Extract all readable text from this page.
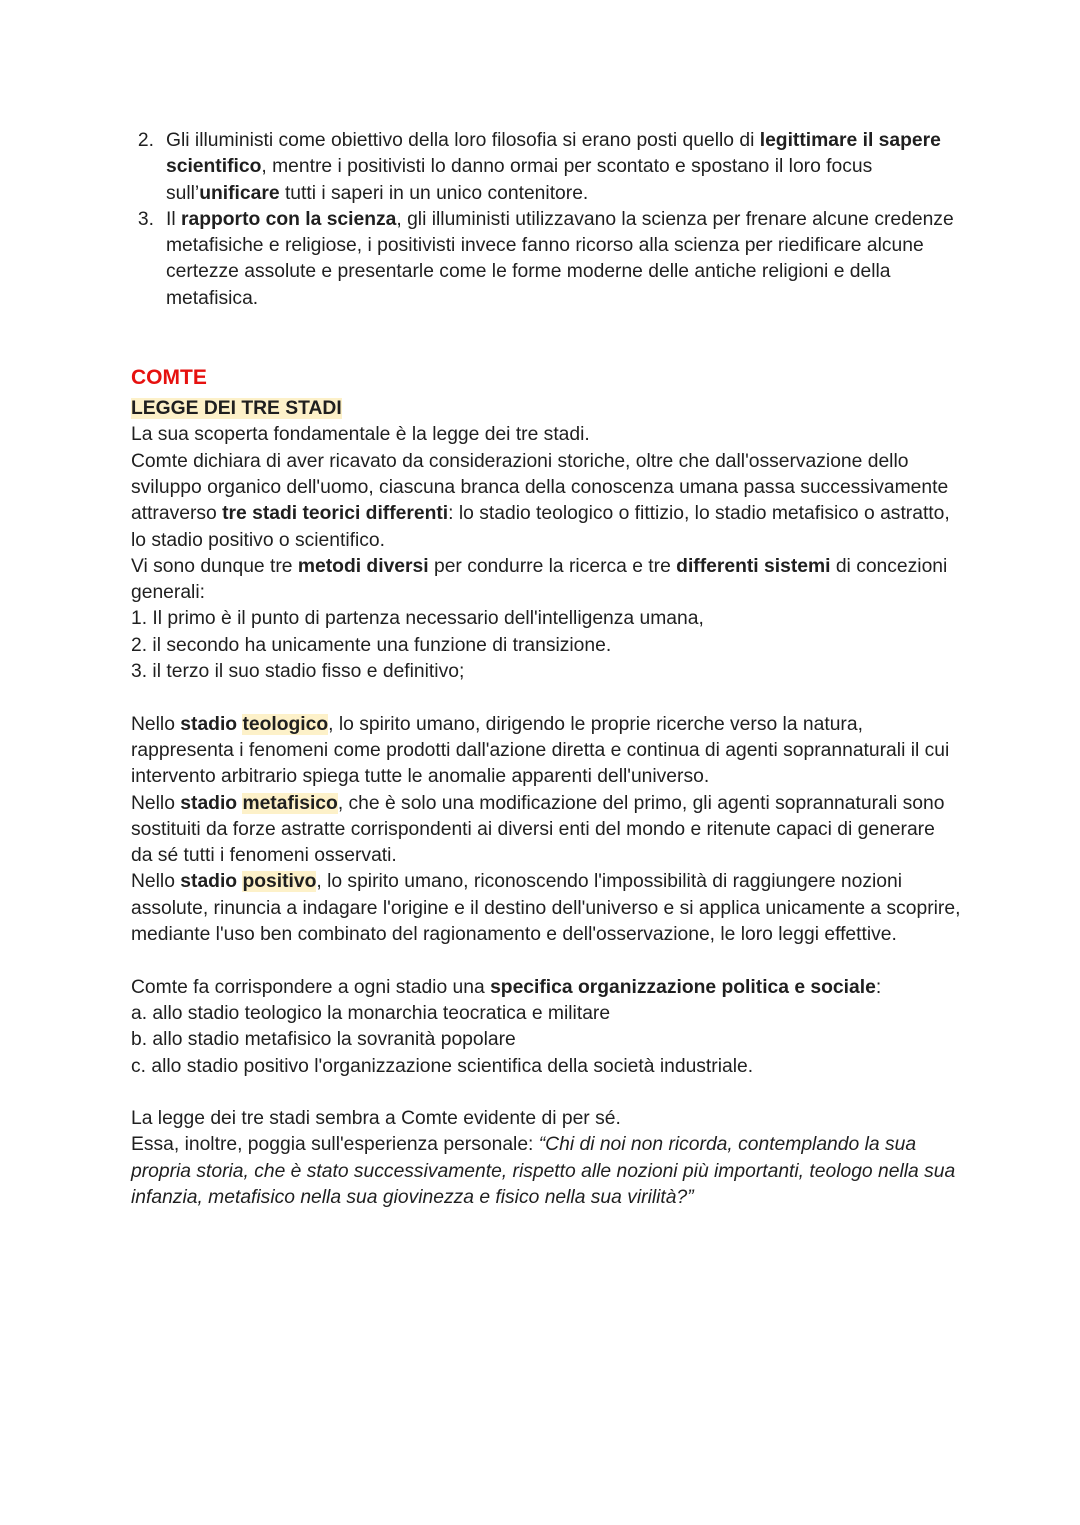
2. Gli illuministi come obiettivo della loro filosofia si erano posti quello di legittimare il sapere scientifico, mentre i positivisti lo danno ormai per scontato e spostano il loro focus sull’unificare tutti i saperi in un unico contenitore.
3. Il rapporto con la scienza, gli illuministi utilizzavano la scienza per frenare alcune credenze metafisiche e religiose, i positivisti invece fanno ricorso alla scienza per riedificare alcune certezze assolute e presentarle come le forme moderne delle antiche religioni e della metafisica.
COMTE
LEGGE DEI TRE STADI

La sua scoperta fondamentale è la legge dei tre stadi.

Comte dichiara di aver ricavato da considerazioni storiche, oltre che dall'osservazione dello sviluppo organico dell'uomo, ciascuna branca della conoscenza umana passa successivamente attraverso tre stadi teorici differenti: lo stadio teologico o fittizio, lo stadio metafisico o astratto, lo stadio positivo o scientifico.

Vi sono dunque tre metodi diversi per condurre la ricerca e tre differenti sistemi di concezioni generali:

1. Il primo è il punto di partenza necessario dell'intelligenza umana,

2. il secondo ha unicamente una funzione di transizione.

3. il terzo il suo stadio fisso e definitivo;

Nello stadio teologico, lo spirito umano, dirigendo le proprie ricerche verso la natura, rappresenta i fenomeni come prodotti dall'azione diretta e continua di agenti soprannaturali il cui intervento arbitrario spiega tutte le anomalie apparenti dell'universo.

Nello stadio metafisico, che è solo una modificazione del primo, gli agenti soprannaturali sono sostituiti da forze astratte corrispondenti ai diversi enti del mondo e ritenute capaci di generare da sé tutti i fenomeni osservati.

Nello stadio positivo, lo spirito umano, riconoscendo l'impossibilità di raggiungere nozioni assolute, rinuncia a indagare l'origine e il destino dell'universo e si applica unicamente a scoprire, mediante l'uso ben combinato del ragionamento e dell'osservazione, le loro leggi effettive.

Comte fa corrispondere a ogni stadio una specifica organizzazione politica e sociale:

a. allo stadio teologico la monarchia teocratica e militare

b. allo stadio metafisico la sovranità popolare

c. allo stadio positivo l'organizzazione scientifica della società industriale.

La legge dei tre stadi sembra a Comte evidente di per sé.

Essa, inoltre, poggia sull'esperienza personale: “Chi di noi non ricorda, contemplando la sua propria storia, che è stato successivamente, rispetto alle nozioni più importanti, teologo nella sua infanzia, metafisico nella sua giovinezza e fisico nella sua virilità?”
